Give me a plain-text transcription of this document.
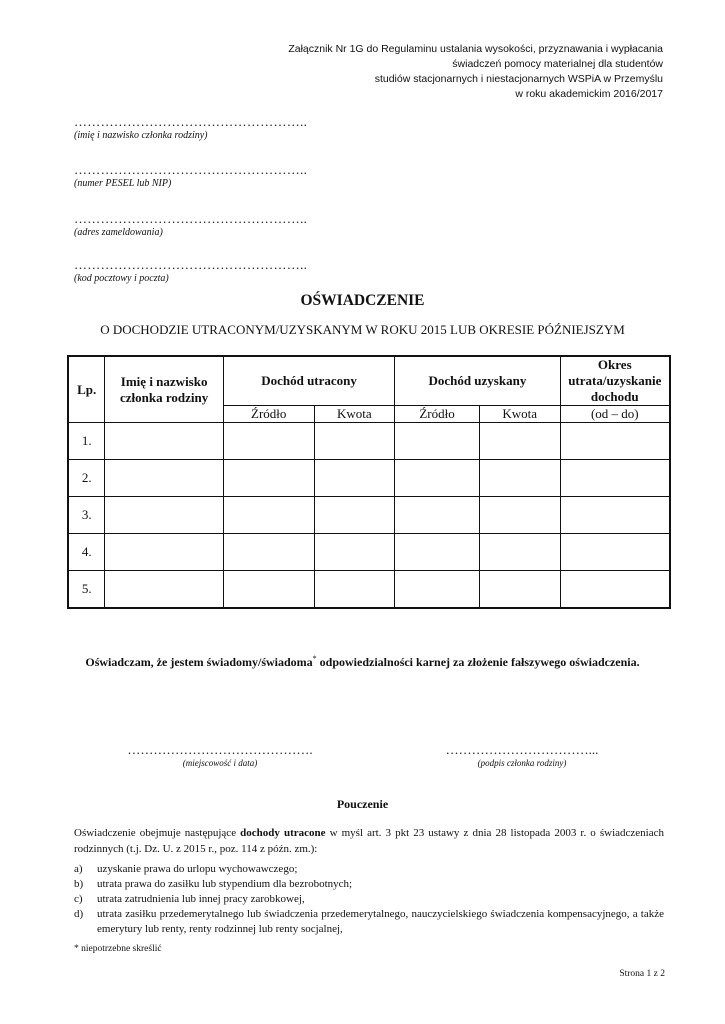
Załącznik Nr 1G do Regulaminu ustalania wysokości, przyznawania i wypłacania
świadczeń pomocy materialnej dla studentów
studiów stacjonarnych i niestacjonarnych WSPiA w Przemyślu
w roku akademickim 2016/2017
……………………………………………..
(imię i nazwisko członka rodziny)
……………………………………………..
(numer PESEL lub NIP)
……………………………………………..
(adres zameldowania)
……………………………………………..
(kod pocztowy i poczta)
OŚWIADCZENIE
O DOCHODZIE UTRACONYM/UZYSKANYM W ROKU 2015 LUB OKRESIE PÓŹNIEJSZYM
Lp.	Imię i nazwisko członka rodziny	Dochód utracony		Dochód uzyskany		Okres utrata/uzyskanie dochodu
		Źródło	Kwota	Źródło	Kwota	(od – do)
1.						
2.						
3.						
4.						
5.						
Oświadczam, że jestem świadomy/świadoma* odpowiedzialności karnej za złożenie fałszywego oświadczenia.
…………………………………….
(miejscowość i data)
……………………………...
(podpis członka rodziny)
Pouczenie
Oświadczenie obejmuje następujące dochody utracone w myśl art. 3 pkt 23 ustawy z dnia 28 listopada 2003 r. o świadczeniach rodzinnych (t.j. Dz. U. z 2015 r., poz. 114 z późn. zm.):
a)	uzyskanie prawa do urlopu wychowawczego;
b)	utrata prawa do zasiłku lub stypendium dla bezrobotnych;
c)	utrata zatrudnienia lub innej pracy zarobkowej,
d)	utrata zasiłku przedemerytalnego lub świadczenia przedemerytalnego, nauczycielskiego świadczenia kompensacyjnego, a także emerytury lub renty, renty rodzinnej lub renty socjalnej,
* niepotrzebne skreślić
Strona 1 z 2
